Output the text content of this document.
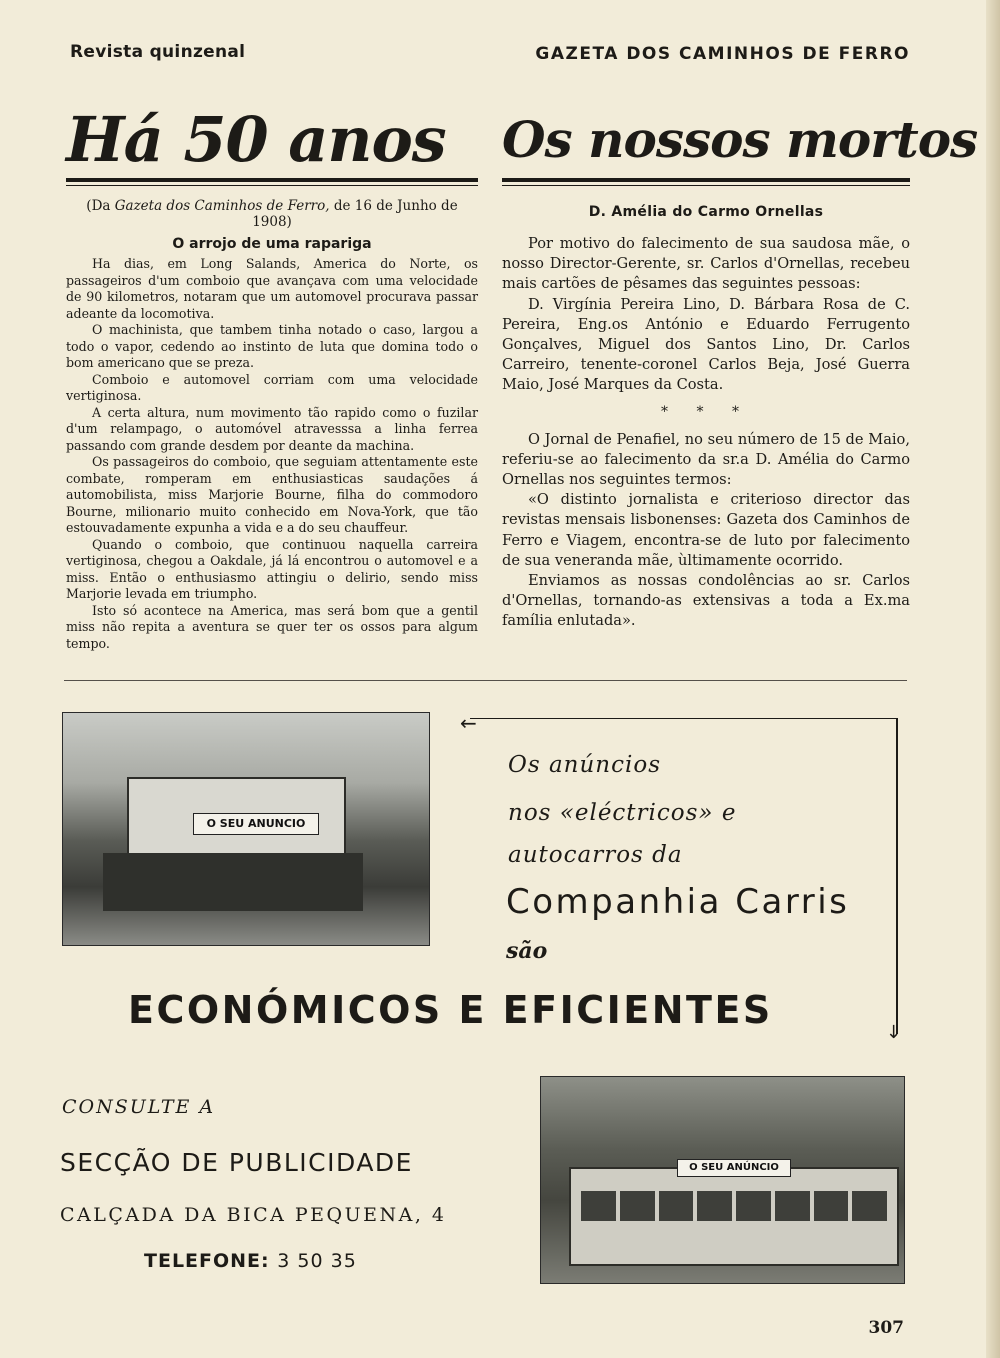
Revista quinzenal	GAZETA DOS CAMINHOS DE FERRO
Há 50 anos
(Da Gazeta dos Caminhos de Ferro, de 16 de Junho de 1908)
O arrojo de uma rapariga

Ha dias, em Long Salands, America do Norte, os passageiros d'um comboio que avançava com uma velocidade de 90 kilometros, notaram que um automovel procurava passar adeante da locomotiva.

O machinista, que tambem tinha notado o caso, largou a todo o vapor, cedendo ao instinto de luta que domina todo o bom americano que se preza.

Comboio e automovel corriam com uma velocidade vertiginosa.

A certa altura, num movimento tão rapido como o fuzilar d'um relampago, o automóvel atravesssa a linha ferrea passando com grande desdem por deante da machina.

Os passageiros do comboio, que seguiam attentamente este combate, romperam em enthusiasticas saudações á automobilista, miss Marjorie Bourne, filha do commodoro Bourne, milionario muito conhecido em Nova-York, que tão estouvadamente expunha a vida e a do seu chauffeur.

Quando o comboio, que continuou naquella carreira vertiginosa, chegou a Oakdale, já lá encontrou o automovel e a miss. Então o enthusiasmo attingiu o delirio, sendo miss Marjorie levada em triumpho.

Isto só acontece na America, mas será bom que a gentil miss não repita a aventura se quer ter os ossos para algum tempo.

Os nossos mortos
D. Amélia do Carmo Ornellas

Por motivo do falecimento de sua saudosa mãe, o nosso Director-Gerente, sr. Carlos d'Ornellas, recebeu mais cartões de pêsames das seguintes pessoas:

D. Virgínia Pereira Lino, D. Bárbara Rosa de C. Pereira, Eng.os António e Eduardo Ferrugento Gonçalves, Miguel dos Santos Lino, Dr. Carlos Carreiro, tenente-coronel Carlos Beja, José Guerra Maio, José Marques da Costa.

* * *

O Jornal de Penafiel, no seu número de 15 de Maio, referiu-se ao falecimento da sr.a D. Amélia do Carmo Ornellas nos seguintes termos:

«O distinto jornalista e criterioso director das revistas mensais lisbonenses: Gazeta dos Caminhos de Ferro e Viagem, encontra-se de luto por falecimento de sua veneranda mãe, ùltimamente ocorrido.

Enviamos as nossas condolências ao sr. Carlos d'Ornellas, tornando-as extensivas a toda a Ex.ma família enlutada».

O SEU ANUNCIO
←
↓
Os anúncios
nos «eléctricos» e
autocarros da
Companhia Carris
são
ECONÓMICOS E EFICIENTES
CONSULTE A
SECÇÃO DE PUBLICIDADE
CALÇADA DA BICA PEQUENA, 4
TELEFONE: 3 50 35
O SEU ANÚNCIO
307
